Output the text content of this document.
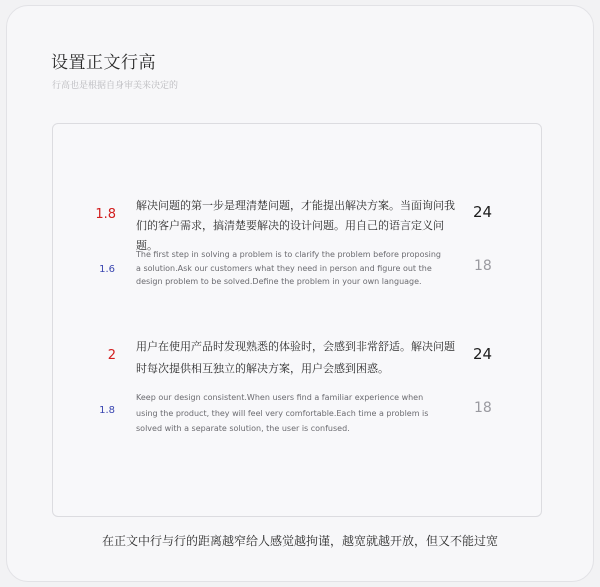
设置正文行高
行高也是根据自身审美来决定的
1.8
解决问题的第一步是理清楚问题，才能提出解决方案。当面询问我们的客户需求，搞清楚要解决的设计问题。用自己的语言定义问题。
24
1.6
The first step in solving a problem is to clarify the problem before proposing a solution.Ask our customers what they need in person and figure out the design problem to be solved.Define the problem in your own language.
18
2
用户在使用产品时发现熟悉的体验时，会感到非常舒适。解决问题时每次提供相互独立的解决方案，用户会感到困惑。
24
1.8
Keep our design consistent.When users find a familiar experience when using the product, they will feel very comfortable.Each time a problem is solved with a separate solution, the user is confused.
18
在正文中行与行的距离越窄给人感觉越拘谨，越宽就越开放，但又不能过宽
